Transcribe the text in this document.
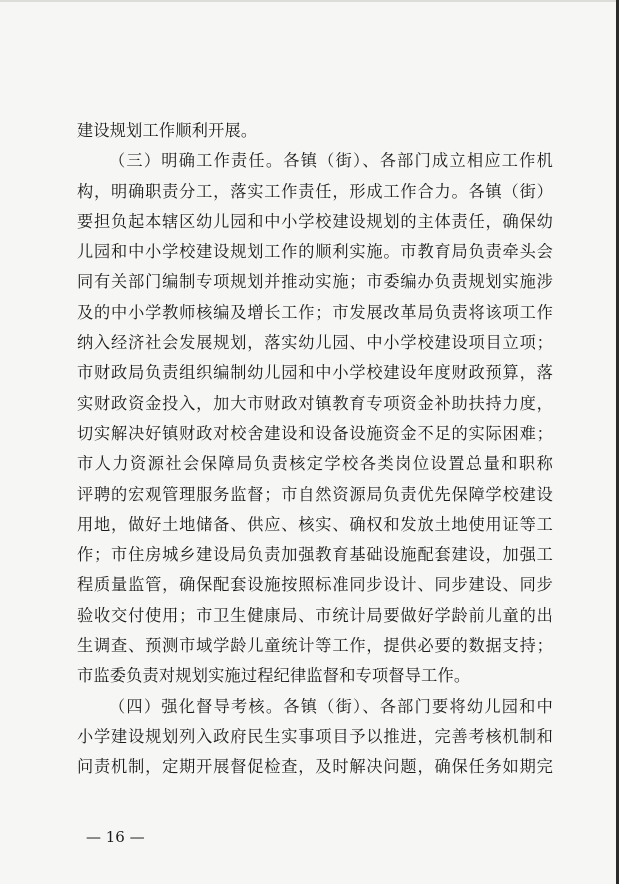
建设规划工作顺利开展。
（三）明确工作责任。各镇（街）、各部门成立相应工作机
构，明确职责分工，落实工作责任，形成工作合力。各镇（街）
要担负起本辖区幼儿园和中小学校建设规划的主体责任，确保幼
儿园和中小学校建设规划工作的顺利实施。市教育局负责牵头会
同有关部门编制专项规划并推动实施；市委编办负责规划实施涉
及的中小学教师核编及增长工作；市发展改革局负责将该项工作
纳入经济社会发展规划，落实幼儿园、中小学校建设项目立项；
市财政局负责组织编制幼儿园和中小学校建设年度财政预算，落
实财政资金投入，加大市财政对镇教育专项资金补助扶持力度，
切实解决好镇财政对校舍建设和设备设施资金不足的实际困难；
市人力资源社会保障局负责核定学校各类岗位设置总量和职称
评聘的宏观管理服务监督；市自然资源局负责优先保障学校建设
用地，做好土地储备、供应、核实、确权和发放土地使用证等工
作；市住房城乡建设局负责加强教育基础设施配套建设，加强工
程质量监管，确保配套设施按照标准同步设计、同步建设、同步
验收交付使用；市卫生健康局、市统计局要做好学龄前儿童的出
生调查、预测市域学龄儿童统计等工作，提供必要的数据支持；
市监委负责对规划实施过程纪律监督和专项督导工作。
（四）强化督导考核。各镇（街）、各部门要将幼儿园和中
小学建设规划列入政府民生实事项目予以推进，完善考核机制和
问责机制，定期开展督促检查，及时解决问题，确保任务如期完
— 16 —
